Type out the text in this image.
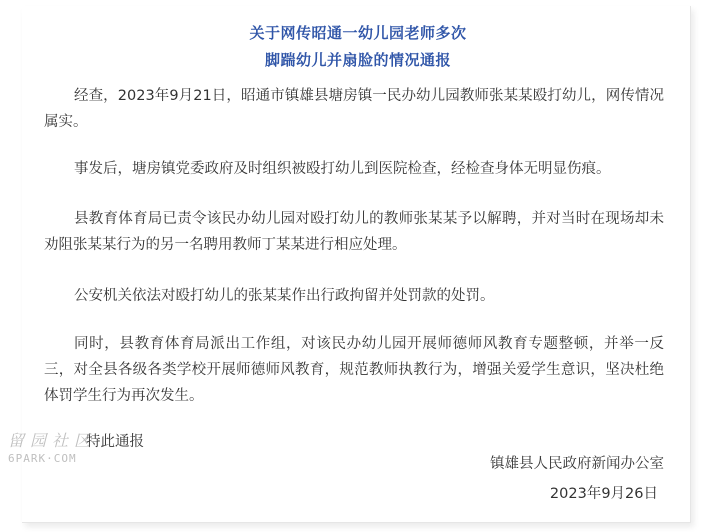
关于网传昭通一幼儿园老师多次
脚踹幼儿并扇脸的情况通报

经查，2023年9月21日，昭通市镇雄县塘房镇一民办幼儿园教师张某某殴打幼儿，网传情况属实。

事发后，塘房镇党委政府及时组织被殴打幼儿到医院检查，经检查身体无明显伤痕。

县教育体育局已责令该民办幼儿园对殴打幼儿的教师张某某予以解聘，并对当时在现场却未劝阻张某某行为的另一名聘用教师丁某某进行相应处理。

公安机关依法对殴打幼儿的张某某作出行政拘留并处罚款的处罚。

同时，县教育体育局派出工作组，对该民办幼儿园开展师德师风教育专题整顿，并举一反三，对全县各级各类学校开展师德师风教育，规范教师执教行为，增强关爱学生意识，坚决杜绝体罚学生行为再次发生。

特此通报
镇雄县人民政府新闻办公室
2023年9月26日
留园社区
6PARK·COM
